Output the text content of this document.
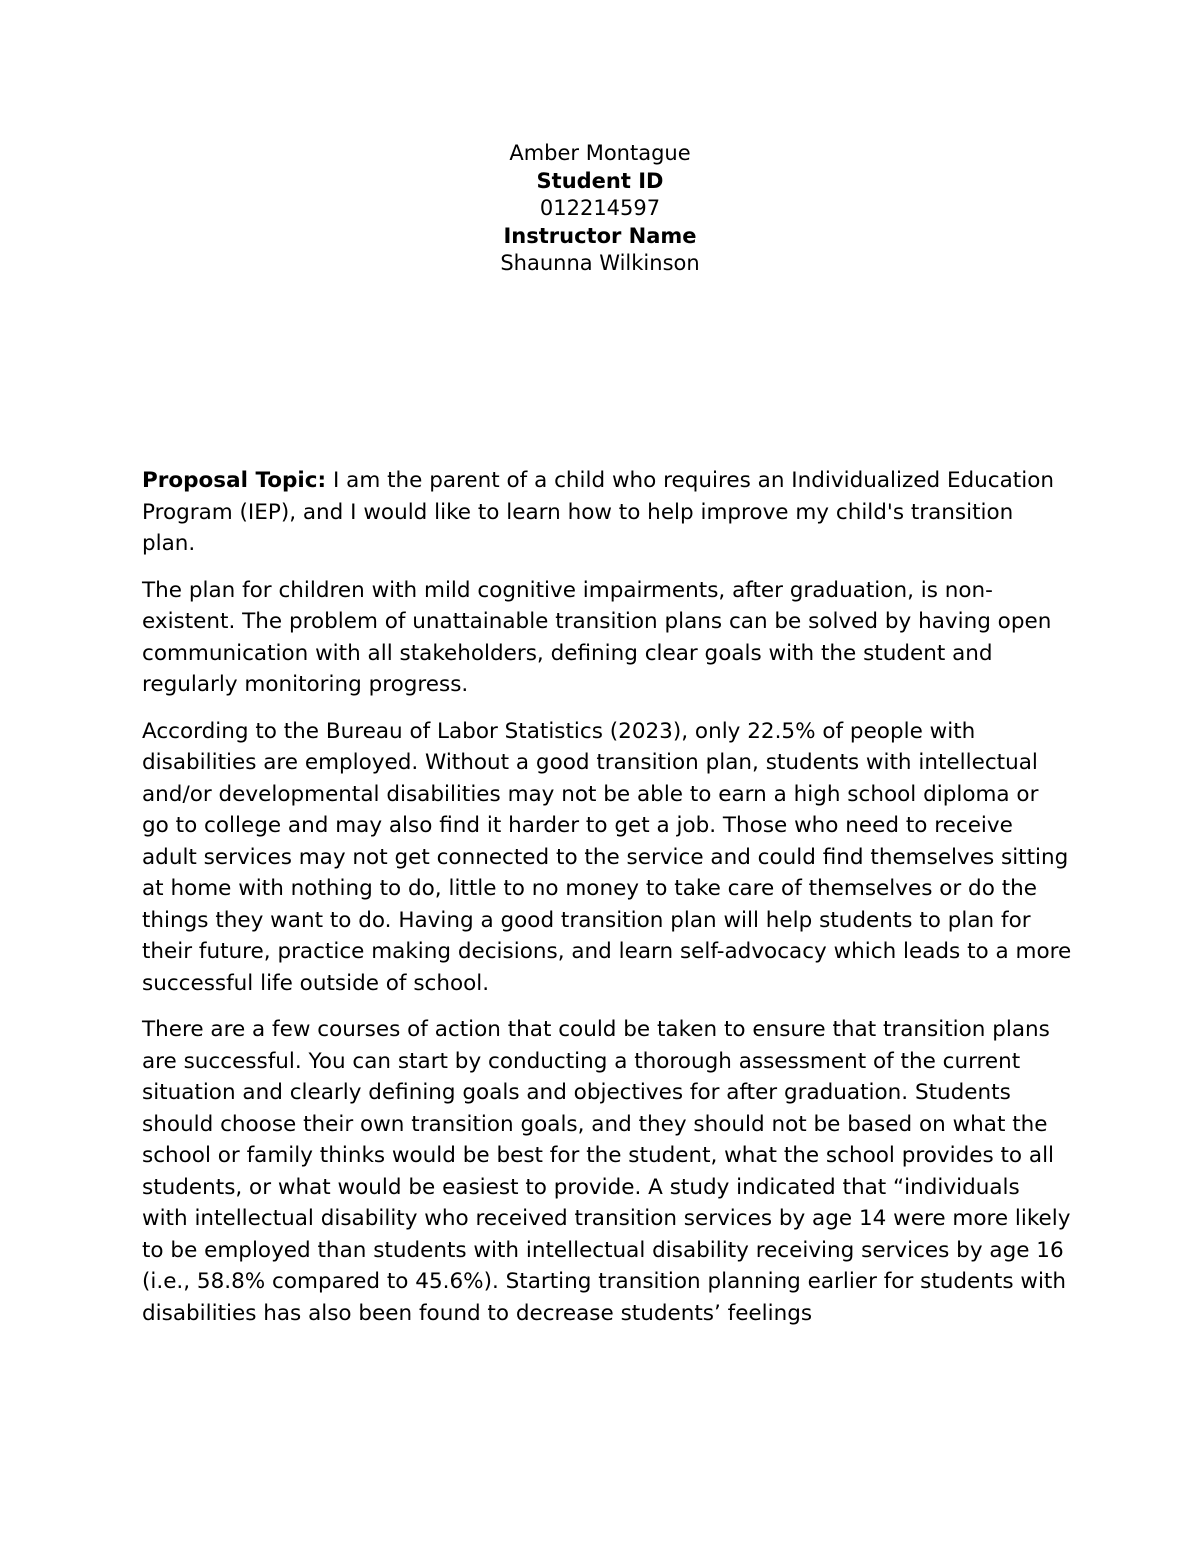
Amber Montague
Student ID
012214597
Instructor Name
Shaunna Wilkinson

Proposal Topic: I am the parent of a child who requires an Individualized Education Program (IEP), and I would like to learn how to help improve my child's transition plan.

The plan for children with mild cognitive impairments, after graduation, is non-existent. The problem of unattainable transition plans can be solved by having open communication with all stakeholders, defining clear goals with the student and regularly monitoring progress.

According to the Bureau of Labor Statistics (2023), only 22.5% of people with disabilities are employed. Without a good transition plan, students with intellectual and/or developmental disabilities may not be able to earn a high school diploma or go to college and may also find it harder to get a job. Those who need to receive adult services may not get connected to the service and could find themselves sitting at home with nothing to do, little to no money to take care of themselves or do the things they want to do. Having a good transition plan will help students to plan for their future, practice making decisions, and learn self-advocacy which leads to a more successful life outside of school.

There are a few courses of action that could be taken to ensure that transition plans are successful. You can start by conducting a thorough assessment of the current situation and clearly defining goals and objectives for after graduation. Students should choose their own transition goals, and they should not be based on what the school or family thinks would be best for the student, what the school provides to all students, or what would be easiest to provide. A study indicated that “individuals with intellectual disability who received transition services by age 14 were more likely to be employed than students with intellectual disability receiving services by age 16 (i.e., 58.8% compared to 45.6%). Starting transition planning earlier for students with disabilities has also been found to decrease students’ feelings
